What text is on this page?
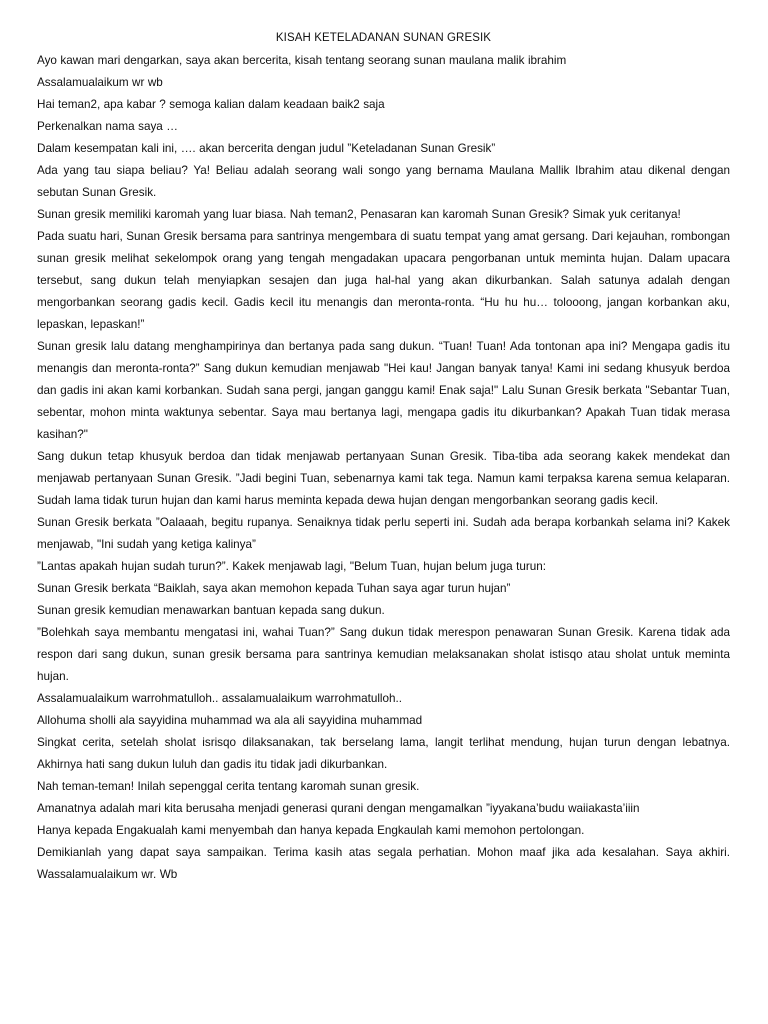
KISAH KETELADANAN SUNAN GRESIK

Ayo kawan mari dengarkan, saya akan bercerita, kisah tentang seorang sunan maulana malik ibrahim

Assalamualaikum wr wb

Hai teman2, apa kabar ? semoga kalian dalam keadaan baik2 saja

Perkenalkan nama saya …

Dalam kesempatan kali ini, …. akan bercerita dengan judul ”Keteladanan Sunan Gresik”

Ada yang tau siapa beliau? Ya! Beliau adalah seorang wali songo yang bernama Maulana Mallik Ibrahim atau dikenal dengan sebutan Sunan Gresik.

Sunan gresik memiliki karomah yang luar biasa. Nah teman2, Penasaran kan karomah Sunan Gresik? Simak yuk ceritanya!

Pada suatu hari, Sunan Gresik bersama para santrinya mengembara di suatu tempat yang amat gersang. Dari kejauhan, rombongan sunan gresik melihat sekelompok orang yang tengah mengadakan upacara pengorbanan untuk meminta hujan. Dalam upacara tersebut, sang dukun telah menyiapkan sesajen dan juga hal-hal yang akan dikurbankan. Salah satunya adalah dengan mengorbankan seorang gadis kecil. Gadis kecil itu menangis dan meronta-ronta. “Hu hu hu… tolooong, jangan korbankan aku, lepaskan, lepaskan!”

Sunan gresik lalu datang menghampirinya dan bertanya pada sang dukun. “Tuan! Tuan! Ada tontonan apa ini? Mengapa gadis itu menangis dan meronta-ronta?” Sang dukun kemudian menjawab "Hei kau! Jangan banyak tanya! Kami ini sedang khusyuk berdoa dan gadis ini akan kami korbankan. Sudah sana pergi, jangan ganggu kami! Enak saja!" Lalu Sunan Gresik berkata "Sebantar Tuan, sebentar, mohon minta waktunya sebentar. Saya mau bertanya lagi, mengapa gadis itu dikurbankan? Apakah Tuan tidak merasa kasihan?"

Sang dukun tetap khusyuk berdoa dan tidak menjawab pertanyaan Sunan Gresik. Tiba-tiba ada seorang kakek mendekat dan menjawab pertanyaan Sunan Gresik. ”Jadi begini Tuan, sebenarnya kami tak tega. Namun kami terpaksa karena semua kelaparan. Sudah lama tidak turun hujan dan kami harus meminta kepada dewa hujan dengan mengorbankan seorang gadis kecil.

Sunan Gresik berkata ”Oalaaah, begitu rupanya. Senaiknya tidak perlu seperti ini. Sudah ada berapa korbankah selama ini? Kakek menjawab, "Ini sudah yang ketiga kalinya”

”Lantas apakah hujan sudah turun?”. Kakek menjawab lagi, "Belum Tuan, hujan belum juga turun:

Sunan Gresik berkata “Baiklah, saya akan memohon kepada Tuhan saya agar turun hujan”

Sunan gresik kemudian menawarkan bantuan kepada sang dukun.

”Bolehkah saya membantu mengatasi ini, wahai Tuan?” Sang dukun tidak merespon penawaran Sunan Gresik. Karena tidak ada respon dari sang dukun, sunan gresik bersama para santrinya kemudian melaksanakan sholat istisqo atau sholat untuk meminta hujan.

Assalamualaikum warrohmatulloh.. assalamualaikum warrohmatulloh..

Allohuma sholli ala sayyidina muhammad wa ala ali sayyidina muhammad

Singkat cerita, setelah sholat isrisqo dilaksanakan, tak berselang lama, langit terlihat mendung, hujan turun dengan lebatnya. Akhirnya hati sang dukun luluh dan gadis itu tidak jadi dikurbankan.

Nah teman-teman! Inilah sepenggal cerita tentang karomah sunan gresik.

Amanatnya adalah mari kita berusaha menjadi generasi qurani dengan mengamalkan ”iyyakana’budu waiiakasta’iiin

Hanya kepada Engakualah kami menyembah dan hanya kepada Engkaulah kami memohon pertolongan.

Demikianlah yang dapat saya sampaikan. Terima kasih atas segala perhatian. Mohon maaf jika ada kesalahan. Saya akhiri. Wassalamualaikum wr. Wb
